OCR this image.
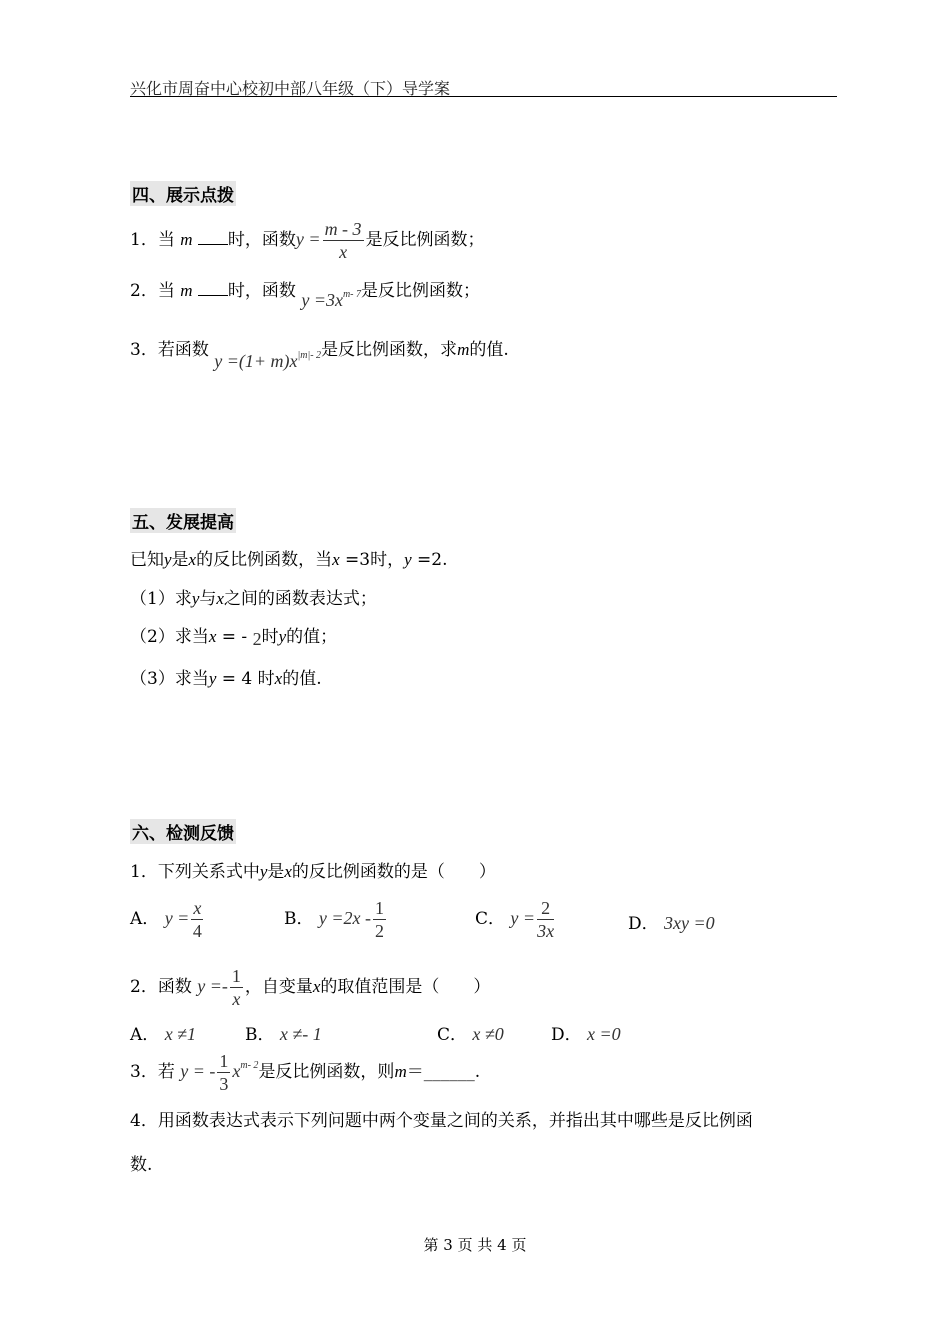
兴化市周奋中心校初中部八年级（下）导学案
四、展示点拨
1．当 m 时，函数$y = \frac{m - 3}{x}$ 是反比例函数；
2．当 m 时，函数 $y =3x^{m- 7}$是反比例函数；
3．若函数 $y =(1+ m)x^{|m|- 2}$是反比例函数，求m的值.
五、发展提高
已知y是x的反比例函数，当x =3时，y =2.
（1）求y与x之间的函数表达式；
（2）求当x = - 2时y的值；
（3）求当y = 4 时x的值.
六、检测反馈
1．下列关系式中y是x的反比例函数的是（　　）
A． $y = \frac{x}{4}$	B． $y =2x - \frac{1}{2}$	C． $y = \frac{2}{3x}$	D． 3xy =0
2．函数 $y =- \frac{1}{x}$ ，自变量x的取值范围是（　　）
A． x ≠1	B． x ≠- 1	C． x ≠0	D． x =0
3．若 y = - $\frac{1}{3} x^{m- 2}$是反比例函数，则m＝______.
4．用函数表达式表示下列问题中两个变量之间的关系，并指出其中哪些是反比例函
数.
第 3 页 共 4 页
